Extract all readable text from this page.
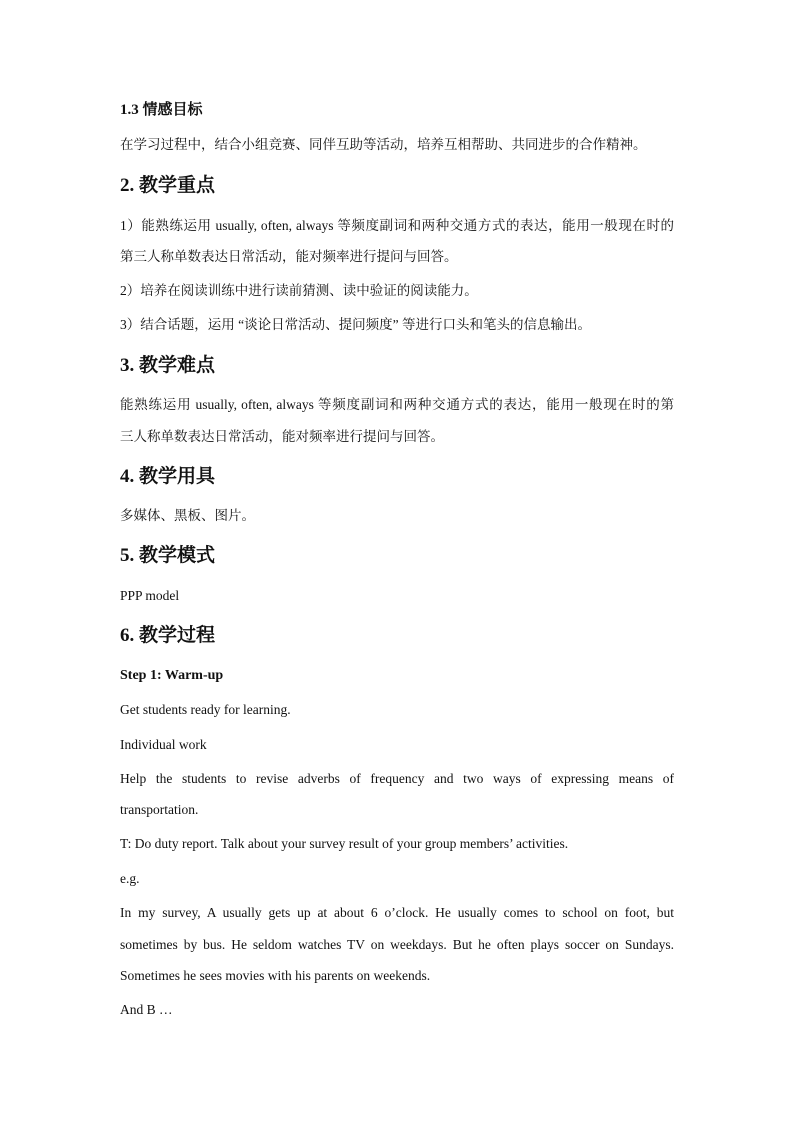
1.3 情感目标
在学习过程中，结合小组竞赛、同伴互助等活动，培养互相帮助、共同进步的合作精神。
2. 教学重点
1）能熟练运用 usually, often, always 等频度副词和两种交通方式的表达，能用一般现在时的
第三人称单数表达日常活动，能对频率进行提问与回答。
2）培养在阅读训练中进行读前猜测、读中验证的阅读能力。
3）结合话题，运用 “谈论日常活动、提问频度” 等进行口头和笔头的信息输出。
3. 教学难点
能熟练运用 usually, often, always 等频度副词和两种交通方式的表达，能用一般现在时的第
三人称单数表达日常活动，能对频率进行提问与回答。
4. 教学用具
多媒体、黑板、图片。
5. 教学模式
PPP model
6. 教学过程
Step 1: Warm-up
Get students ready for learning.
Individual work
Help the students to revise adverbs of frequency and two ways of expressing means of
transportation.
T: Do duty report. Talk about your survey result of your group members’ activities.
e.g.
In my survey, A usually gets up at about 6 o’clock. He usually comes to school on foot, but
sometimes by bus. He seldom watches TV on weekdays. But he often plays soccer on Sundays.
Sometimes he sees movies with his parents on weekends.
And B …
